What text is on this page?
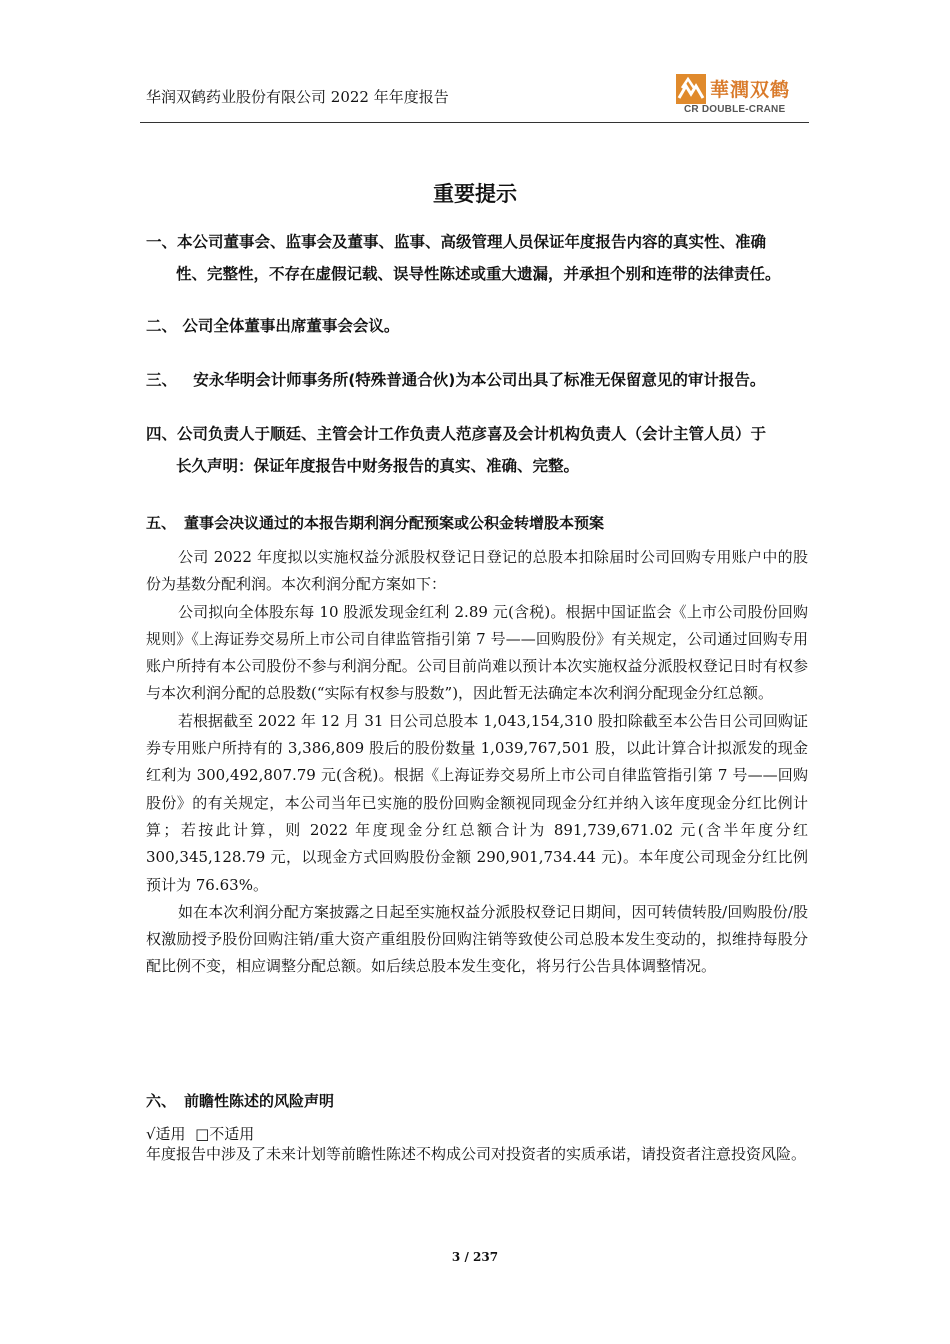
华润双鹤药业股份有限公司 2022 年年度报告	華潤双鹤
CR DOUBLE-CRANE
重要提示
一、本公司董事会、监事会及董事、监事、高级管理人员保证年度报告内容的真实性、准确
性、完整性，不存在虚假记载、误导性陈述或重大遗漏，并承担个别和连带的法律责任。
二、 公司全体董事出席董事会会议。
三、 安永华明会计师事务所(特殊普通合伙)为本公司出具了标准无保留意见的审计报告。
四、公司负责人于顺廷、主管会计工作负责人范彦喜及会计机构负责人（会计主管人员）于
长久声明：保证年度报告中财务报告的真实、准确、完整。
五、 董事会决议通过的本报告期利润分配预案或公积金转增股本预案

公司 2022 年度拟以实施权益分派股权登记日登记的总股本扣除届时公司回购专用账户中的股份为基数分配利润。本次利润分配方案如下：

公司拟向全体股东每 10 股派发现金红利 2.89 元(含税)。根据中国证监会《上市公司股份回购规则》《上海证券交易所上市公司自律监管指引第 7 号——回购股份》有关规定，公司通过回购专用账户所持有本公司股份不参与利润分配。公司目前尚难以预计本次实施权益分派股权登记日时有权参与本次利润分配的总股数(“实际有权参与股数”)，因此暂无法确定本次利润分配现金分红总额。

若根据截至 2022 年 12 月 31 日公司总股本 1,043,154,310 股扣除截至本公告日公司回购证券专用账户所持有的 3,386,809 股后的股份数量 1,039,767,501 股，以此计算合计拟派发的现金红利为 300,492,807.79 元(含税)。根据《上海证券交易所上市公司自律监管指引第 7 号——回购股份》的有关规定，本公司当年已实施的股份回购金额视同现金分红并纳入该年度现金分红比例计算；若按此计算，则 2022 年度现金分红总额合计为 891,739,671.02 元(含半年度分红 300,345,128.79 元，以现金方式回购股份金额 290,901,734.44 元)。本年度公司现金分红比例预计为 76.63%。

如在本次利润分配方案披露之日起至实施权益分派股权登记日期间，因可转债转股/回购股份/股权激励授予股份回购注销/重大资产重组股份回购注销等致使公司总股本发生变动的，拟维持每股分配比例不变，相应调整分配总额。如后续总股本发生变化，将另行公告具体调整情况。

六、 前瞻性陈述的风险声明
√适用 □不适用
年度报告中涉及了未来计划等前瞻性陈述不构成公司对投资者的实质承诺，请投资者注意投资风险。
3 / 237
